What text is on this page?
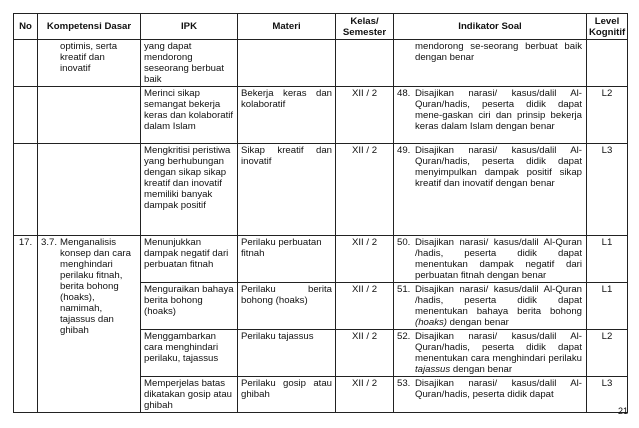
No	Kompetensi Dasar	IPK	Materi	Kelas/ Semester	Indikator Soal	Level Kognitif
	optimis, serta kreatif dan inovatif	yang dapat mendorong seseorang berbuat baik			mendorong se-seorang berbuat baik dengan benar	
		Merinci sikap semangat bekerja keras dan kolaboratif dalam Islam	Bekerja keras dan kolaboratif	XII / 2	48. Disajikan narasi/ kasus/dalil Al-Quran/hadis, peserta didik dapat mene-gaskan ciri dan prinsip bekerja keras dalam Islam dengan benar	L2
		Mengkritisi peristiwa yang berhubungan dengan sikap sikap kreatif dan inovatif memiliki banyak dampak positif	Sikap kreatif dan inovatif	XII / 2	49. Disajikan narasi/ kasus/dalil Al-Quran/hadis, peserta didik dapat menyimpulkan dampak positif sikap kreatif dan inovatif dengan benar	L3
17.	3.7. Menganalisis konsep dan cara menghindari perilaku fitnah, berita bohong (hoaks), namimah, tajassus dan ghibah	Menunjukkan dampak negatif dari perbuatan fitnah	Perilaku perbuatan fitnah	XII / 2	50. Disajikan narasi/ kasus/dalil Al-Quran /hadis, peserta didik dapat menentukan dampak negatif dari perbuatan fitnah dengan benar	L1
		Menguraikan bahaya berita bohong (hoaks)	Perilaku berita bohong (hoaks)	XII / 2	51. Disajikan narasi/ kasus/dalil Al-Quran /hadis, peserta didik dapat menentukan bahaya berita bohong (hoaks) dengan benar	L1
		Menggambarkan cara menghindari perilaku, tajassus	Perilaku tajassus	XII / 2	52. Disajikan narasi/ kasus/dalil Al-Quran/hadis, peserta didik dapat menentukan cara menghindari perilaku tajassus dengan benar	L2
		Memperjelas batas dikatakan gosip atau ghibah	Perilaku gosip atau ghibah	XII / 2	53. Disajikan narasi/ kasus/dalil Al-Quran/hadis, peserta didik dapat	L3
21
